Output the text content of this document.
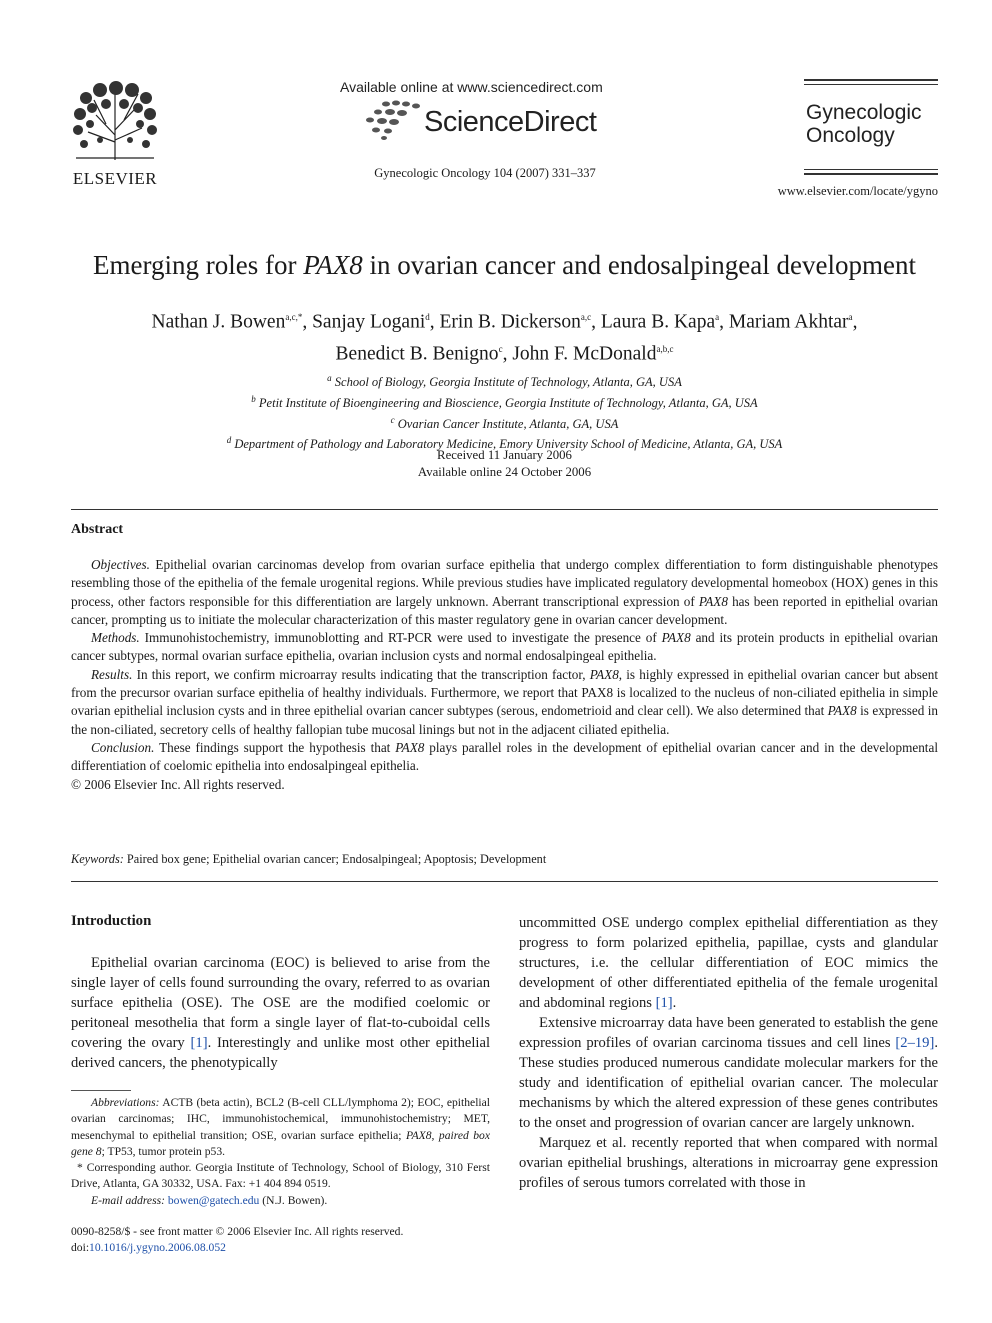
ELSEVIER
Available online at www.sciencedirect.com
ScienceDirect
Gynecologic Oncology 104 (2007) 331–337
Gynecologic
Oncology
www.elsevier.com/locate/ygyno
Emerging roles for PAX8 in ovarian cancer and endosalpingeal development
Nathan J. Bowen$^{a,c,*}$, Sanjay Logani$^d$, Erin B. Dickerson$^{a,c}$, Laura B. Kapa$^a$, Mariam Akhtar$^a$,
Benedict B. Benigno$^c$, John F. McDonald$^{a,b,c}$
$^a$ School of Biology, Georgia Institute of Technology, Atlanta, GA, USA
$^b$ Petit Institute of Bioengineering and Bioscience, Georgia Institute of Technology, Atlanta, GA, USA
$^c$ Ovarian Cancer Institute, Atlanta, GA, USA
$^d$ Department of Pathology and Laboratory Medicine, Emory University School of Medicine, Atlanta, GA, USA
Received 11 January 2006
Available online 24 October 2006
Abstract

Objectives. Epithelial ovarian carcinomas develop from ovarian surface epithelia that undergo complex differentiation to form distinguishable phenotypes resembling those of the epithelia of the female urogenital regions. While previous studies have implicated regulatory developmental homeobox (HOX) genes in this process, other factors responsible for this differentiation are largely unknown. Aberrant transcriptional expression of PAX8 has been reported in epithelial ovarian cancer, prompting us to initiate the molecular characterization of this master regulatory gene in ovarian cancer development.

Methods. Immunohistochemistry, immunoblotting and RT-PCR were used to investigate the presence of PAX8 and its protein products in epithelial ovarian cancer subtypes, normal ovarian surface epithelia, ovarian inclusion cysts and normal endosalpingeal epithelia.

Results. In this report, we confirm microarray results indicating that the transcription factor, PAX8, is highly expressed in epithelial ovarian cancer but absent from the precursor ovarian surface epithelia of healthy individuals. Furthermore, we report that PAX8 is localized to the nucleus of non-ciliated epithelia in simple ovarian epithelial inclusion cysts and in three epithelial ovarian cancer subtypes (serous, endometrioid and clear cell). We also determined that PAX8 is expressed in the non-ciliated, secretory cells of healthy fallopian tube mucosal linings but not in the adjacent ciliated epithelia.

Conclusion. These findings support the hypothesis that PAX8 plays parallel roles in the development of epithelial ovarian cancer and in the developmental differentiation of coelomic epithelia into endosalpingeal epithelia.

© 2006 Elsevier Inc. All rights reserved.
Keywords: Paired box gene; Epithelial ovarian cancer; Endosalpingeal; Apoptosis; Development
Introduction

Epithelial ovarian carcinoma (EOC) is believed to arise from the single layer of cells found surrounding the ovary, referred to as ovarian surface epithelia (OSE). The OSE are the modified coelomic or peritoneal mesothelia that form a single layer of flat-to-cuboidal cells covering the ovary [1]. Interestingly and unlike most other epithelial derived cancers, the phenotypically

uncommitted OSE undergo complex epithelial differentiation as they progress to form polarized epithelia, papillae, cysts and glandular structures, i.e. the cellular differentiation of EOC mimics the development of other differentiated epithelia of the female urogenital and abdominal regions [1].

Extensive microarray data have been generated to establish the gene expression profiles of ovarian carcinoma tissues and cell lines [2–19]. These studies produced numerous candidate molecular markers for the study and identification of epithelial ovarian cancer. The molecular mechanisms by which the altered expression of these genes contributes to the onset and progression of ovarian cancer are largely unknown.

Marquez et al. recently reported that when compared with normal ovarian epithelial brushings, alterations in microarray gene expression profiles of serous tumors correlated with those in

Abbreviations: ACTB (beta actin), BCL2 (B-cell CLL/lymphoma 2); EOC, epithelial ovarian carcinomas; IHC, immunohistochemical, immunohistochemistry; MET, mesenchymal to epithelial transition; OSE, ovarian surface epithelia; PAX8, paired box gene 8; TP53, tumor protein p53.

* Corresponding author. Georgia Institute of Technology, School of Biology, 310 Ferst Drive, Atlanta, GA 30332, USA. Fax: +1 404 894 0519.

E-mail address: bowen@gatech.edu (N.J. Bowen).

0090-8258/$ - see front matter © 2006 Elsevier Inc. All rights reserved.
doi:10.1016/j.ygyno.2006.08.052
